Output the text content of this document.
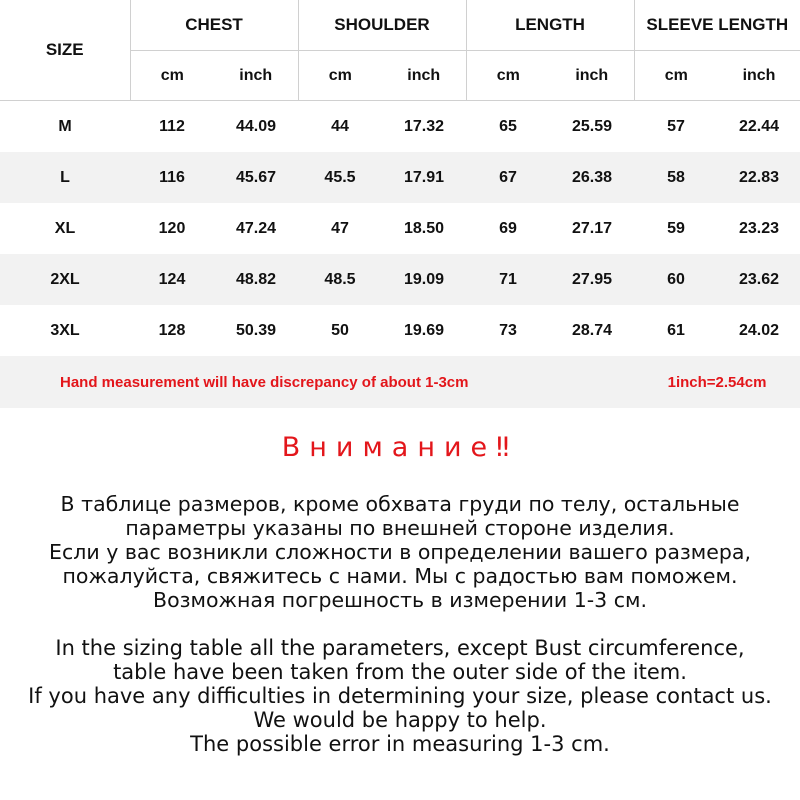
SIZE	CHEST		SHOULDER		LENGTH		SLEEVE LENGTH	
	cm	inch	cm	inch	cm	inch	cm	inch
M	112	44.09	44	17.32	65	25.59	57	22.44
L	116	45.67	45.5	17.91	67	26.38	58	22.83
XL	120	47.24	47	18.50	69	27.17	59	23.23
2XL	124	48.82	48.5	19.09	71	27.95	60	23.62
3XL	128	50.39	50	19.69	73	28.74	61	24.02
Hand measurement will have discrepancy of about 1-3cm							1inch=2.54cm	
Внимание‼
В таблице размеров, кроме обхвата груди по телу, остальные
параметры указаны по внешней стороне изделия.
Если у вас возникли сложности в определении вашего размера,
пожалуйста, свяжитесь с нами. Мы с радостью вам поможем.
Возможная погрешность в измерении 1-3 см.
In the sizing table all the parameters, except Bust circumference,
table have been taken from the outer side of the item.
If you have any difficulties in determining your size, please contact us.
We would be happy to help.
The possible error in measuring 1-3 cm.
